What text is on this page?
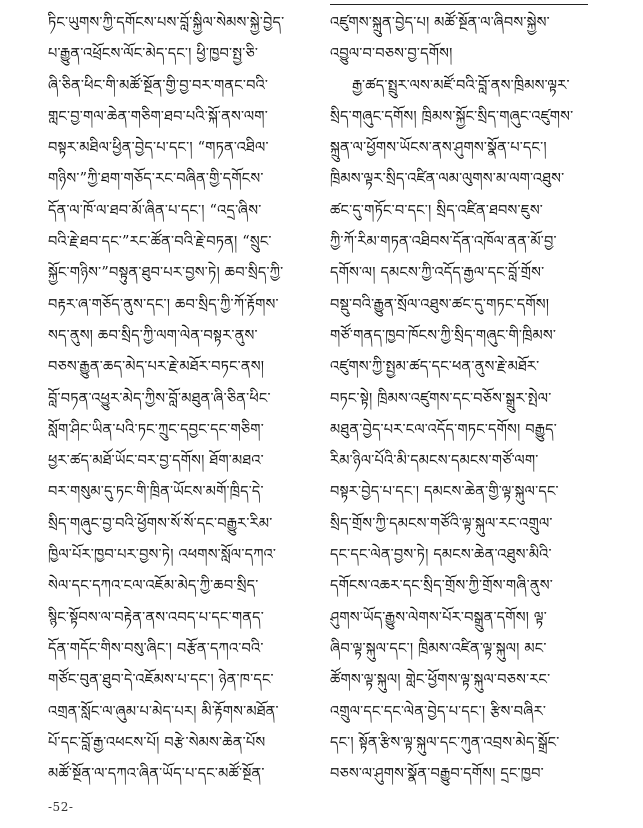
ཏིང་ཡུགས་ཀྱི་དགོངས་པས་བློ་སྐྱིལ་སེམས་སྐྱེ་བྱེད་
པ་རྒྱུན་འཕྲོངས་ལོང་མེད་དང་། ཕྱི་ཁྱབ་སྤྱ་ཅི་
ཞི་ཅིན་ཕིང་གི་མཚོ་སྔོན་གྱི་བྱ་བར་གནང་བའི་
གླང་བྱ་གལ་ཆེན་གཅིག་ཐབ་པའི་སྐོ་ནས་ལག་
བསྟར་མཐིལ་ཕྱིན་བྱེད་པ་དང་། “གཏན་འཐིལ་
གཉིས་”ཀྱི་ཐག་གཅོད་རང་བཞིན་གྱི་དགོངས་
དོན་ལ་ཁོ་ལ་ཐབ་མོ་ཞིན་པ་དང་། “འདྲ་ཞིས་
བའི་རྗེ་ཐབ་དང་”རང་ཚོན་བའི་རྗེ་བཏན། “སྲུང་
སྐྱོང་གཉིས་”བསྟུན་ཐུབ་པར་བྱས་ཏེ། ཆབ་སྲིད་ཀྱི་
བརྟར་ཞ་གཅོད་ནུས་དང་། ཆབ་སྲིད་ཀྱི་ཀོ་རྟོགས་
སད་ནུས། ཆབ་སྲིད་ཀྱི་ལག་ལེན་བསྟར་ནུས་
བཅས་རྒྱུན་ཆད་མེད་པར་རྗེ་མཐོར་བཏང་ནས།
བློ་བཏན་འཕྱུར་མེད་ཀྱིས་བློ་མཐུན་ཞི་ཅིན་ཕིང་
སློག་ཤིང་ཡིན་པའི་ཏང་ཀྲུང་དབྱང་དང་གཅིག་
ཕྱར་ཚད་མཐོ་ཡོང་བར་བྱ་དགོས། ཐོག་མཐའ་
བར་གསུམ་དུ་ཏང་གི་ཁྲིན་ཡོངས་མགོ་ཁྲིད་དེ་
སྲིད་གཞུང་བྱ་བའི་ཕྱོགས་སོ་སོ་དང་བརྒྱུར་རིམ་
ཁྱིལ་པོར་ཁྱབ་པར་བྱས་ཏེ། འཕགས་སློལ་དཀའ་
སེལ་དང་དཀའ་ངལ་འཇོམ་མེད་ཀྱི་ཆབ་སྲིད་
སྙིང་སྟོབས་ལ་བརྟེན་ནས་འབད་པ་དང་གནད་
དོན་གདོང་གིས་བསུ་ཞིང་། བརྩོན་དཀའ་བའི་
གཙོང་བུན་ཐུབ་དེ་འཇོམས་པ་དང་། ཉེན་ཁ་དང་
འགྲན་སློང་ལ་ཞུམ་པ་མེད་པར། མི་རྟོགས་མཐོན་
པོ་དང་བློ་རྒྱ་འཕངས་པོ། བརྩེ་སེམས་ཆེན་པོས
མཚོ་སྔོན་ལ་དཀའ་ཞིན་ཡོད་པ་དང་མཚོ་སྔོན་
འཛུགས་སྐྲུན་བྱེད་པ། མཚོ་སྔོན་ལ་ཞིབས་སྐྱེས་
འབྱུལ་བ་བཅས་བྱ་དགོས།
རྒྱ་ཚད་སྤྲུར་ལས་མཛོ་བའི་བློ་ནས་ཁྲིམས་ལྟར་
སྲིད་གཞུང་དགོས། ཁྲིམས་སྐྱོང་སྲིད་གཞུང་འཛུགས་
སྐྲུན་ལ་ཕྱོགས་ཡོངས་ནས་ཤུགས་སྣོན་པ་དང་།
ཁྲིམས་ལྟར་སྲིད་འཛིན་ལམ་ལུགས་མ་ལག་འཐུས་
ཚང་དུ་གཏོང་བ་དང་། སྲིད་འཛིན་ཐབས་ཇུས་
ཀྱི་ཀོ་རིམ་གཏན་འཐིབས་དོན་འཁོལ་ནན་མོ་བྱ་
དགོས་ལ། དམངས་ཀྱི་འདོད་རྒྱལ་དང་བློ་གྲོས་
བསྡུ་བའི་རྒྱུན་སྲོལ་འཐུས་ཚང་དུ་གཏང་དགོས།
གཙོ་གནད་ཁྱབ་ཁོངས་ཀྱི་སྲིད་གཞུང་གི་ཁྲིམས་
འཛུགས་ཀྱི་སྤྱམ་ཚད་དང་ཕན་ནུས་རྗེ་མཐོར་
བཏང་སྟེ། ཁྲིམས་འཛུགས་དང་བཅོས་སྒྲུར་སྤེལ་
མཐུན་བྱེད་པར་ངལ་འདོད་གཏང་དགོས། བརྒྱུད་
རིམ་ཉིལ་པོའི་མི་དམངས་དམངས་གཙོ་ལག་
བསྟར་བྱེད་པ་དང་། དམངས་ཆེན་གྱི་ལྟ་སྐུལ་དང་
སྲིད་གྲོས་ཀྱི་དམངས་གཙོའི་ལྟ་སྐུལ་རང་འགྲུལ་
དང་དང་ལེན་བྱས་ཏེ། དམངས་ཆེན་འཐུས་མིའི་
དགོངས་འཆར་དང་སྲིད་གྲོས་ཀྱི་གྲོས་གཞི་ནུས་
ཤུགས་ཡོད་རྒྱུས་ལེགས་པོར་བསྒྲུན་དགོས། ལྟ་
ཞིབ་ལྟ་སྐུལ་དང་། ཁྲིམས་འཛིན་ལྟ་སྐུལ། མང་
ཚོགས་ལྟ་སྐུལ། གླེང་ཕྱོགས་ལྟ་སྐུལ་བཅས་རང་
འགྲུལ་དང་དང་ལེན་བྱེད་པ་དང་། རྩིས་བཞིར་
དང་། སྟོན་རྩིས་ལྟ་སྐུལ་དང་ཀུན་འབྲས་མེད་སྒྲོང་
བཅས་ལ་ཤུགས་སྣོན་བརྒྱུབ་དགོས། དྲང་ཁྱབ་
-52-
